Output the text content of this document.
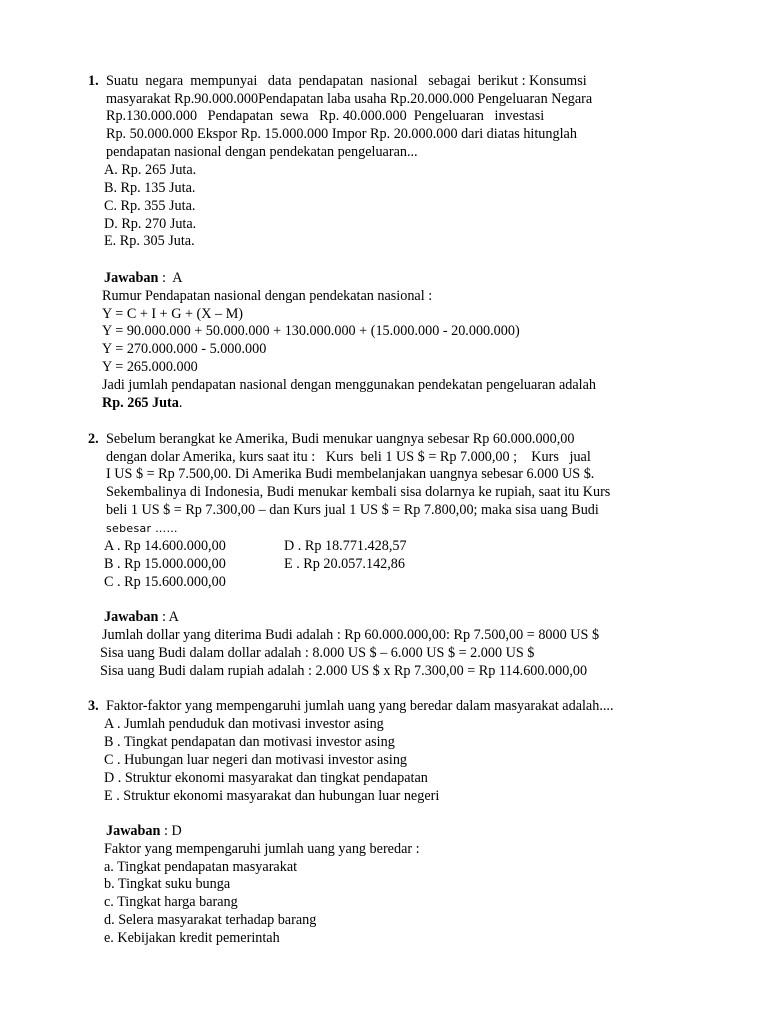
1. Suatu  negara  mempunyai   data  pendapatan  nasional   sebagai  berikut : Konsumsi
masyarakat Rp.90.000.000Pendapatan laba usaha Rp.20.000.000 Pengeluaran Negara
Rp.130.000.000   Pendapatan  sewa   Rp. 40.000.000  Pengeluaran   investasi
Rp. 50.000.000 Ekspor Rp. 15.000.000 Impor Rp. 20.000.000 dari diatas hitunglah
pendapatan nasional dengan pendekatan pengeluaran...
A. Rp. 265 Juta.
B. Rp. 135 Juta.
C. Rp. 355 Juta.
D. Rp. 270 Juta.
E. Rp. 305 Juta.
Jawaban :  A
Rumur Pendapatan nasional dengan pendekatan nasional :
Y = C + I + G + (X – M)
Y = 90.000.000 + 50.000.000 + 130.000.000 + (15.000.000 - 20.000.000)
Y = 270.000.000 - 5.000.000
Y = 265.000.000
Jadi jumlah pendapatan nasional dengan menggunakan pendekatan pengeluaran adalah
Rp. 265 Juta.
2. Sebelum berangkat ke Amerika, Budi menukar uangnya sebesar Rp 60.000.000,00
dengan dolar Amerika, kurs saat itu :   Kurs  beli 1 US $ = Rp 7.000,00 ;    Kurs   jual
I US $ = Rp 7.500,00. Di Amerika Budi membelanjakan uangnya sebesar 6.000 US $.
Sekembalinya di Indonesia, Budi menukar kembali sisa dolarnya ke rupiah, saat itu Kurs
beli 1 US $ = Rp 7.300,00 – dan Kurs jual 1 US $ = Rp 7.800,00; maka sisa uang Budi
sebesar ……
A . Rp 14.600.000,00
B . Rp 15.000.000,00
C . Rp 15.600.000,00
D . Rp 18.771.428,57
E . Rp 20.057.142,86
Jawaban : A
Jumlah dollar yang diterima Budi adalah : Rp 60.000.000,00: Rp 7.500,00 = 8000 US $
Sisa uang Budi dalam dollar adalah : 8.000 US $ – 6.000 US $ = 2.000 US $
Sisa uang Budi dalam rupiah adalah : 2.000 US $ x Rp 7.300,00 = Rp 114.600.000,00
3. Faktor-faktor yang mempengaruhi jumlah uang yang beredar dalam masyarakat adalah....
A . Jumlah penduduk dan motivasi investor asing
B . Tingkat pendapatan dan motivasi investor asing
C . Hubungan luar negeri dan motivasi investor asing
D . Struktur ekonomi masyarakat dan tingkat pendapatan
E . Struktur ekonomi masyarakat dan hubungan luar negeri
Jawaban : D
Faktor yang mempengaruhi jumlah uang yang beredar :
a. Tingkat pendapatan masyarakat
b. Tingkat suku bunga
c. Tingkat harga barang
d. Selera masyarakat terhadap barang
e. Kebijakan kredit pemerintah
